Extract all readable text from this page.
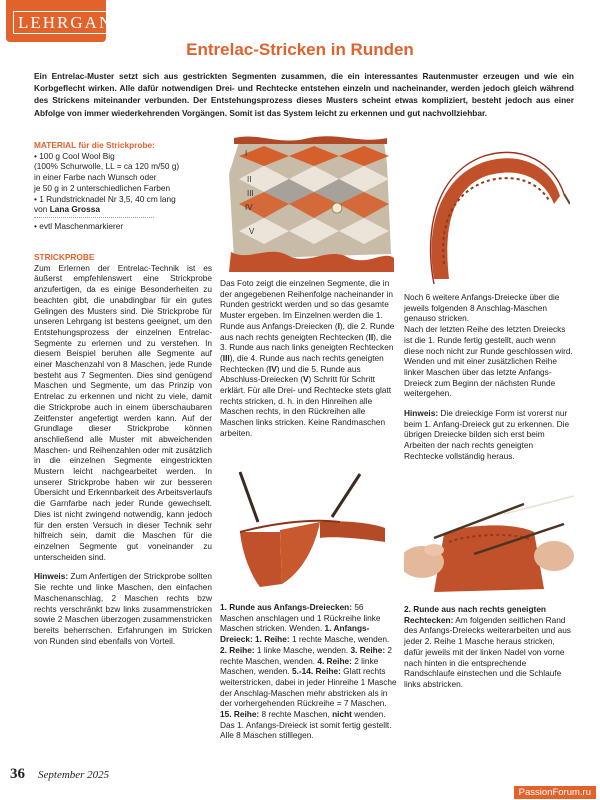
LEHRGANG
Entrelac-Stricken in Runden

Ein Entrelac-Muster setzt sich aus gestrickten Segmenten zusammen, die ein interessantes Rautenmuster erzeugen und wie ein Korbgeflecht wirken. Alle dafür notwendigen Drei- und Rechtecke entstehen einzeln und nacheinander, werden jedoch gleich während des Strickens miteinander verbunden. Der Entstehungsprozess dieses Musters scheint etwas kompliziert, besteht jedoch aus einer Abfolge von immer wiederkehrenden Vorgängen. Somit ist das System leicht zu erkennen und gut nachvollziehbar.

MATERIAL für die Strickprobe:

• 100 g Cool Wool Big

(100% Schurwolle, LL = ca 120 m/50 g)

in einer Farbe nach Wunsch oder

je 50 g in 2 unterschiedlichen Farben

• 1 Rundstricknadel Nr 3,5, 40 cm lang

von Lana Grossa

• evtl Maschenmarkierer

STRICKPROBE

Zum Erlernen der Entrelac-Technik ist es äußerst empfehlenswert eine Strickprobe anzufertigen, da es einige Besonderheiten zu beachten gibt, die unabdingbar für ein gutes Gelingen des Musters sind. Die Strickprobe für unseren Lehrgang ist bestens geeignet, um den Entstehungsprozess der einzelnen Entrelac-Segmente zu erlernen und zu verstehen. In diesem Beispiel beruhen alle Segmente auf einer Maschenzahl von 8 Maschen, jede Runde besteht aus 7 Segmenten. Dies sind genügend Maschen und Segmente, um das Prinzip von Entrelac zu erkennen und nicht zu viele, damit die Strickprobe auch in einem überschaubaren Zeitfenster angefertigt werden kann. Auf der Grundlage dieser Strickprobe können anschließend alle Muster mit abweichenden Maschen- und Reihenzahlen oder mit zusätzlich in die einzelnen Segmente eingestrickten Mustern leicht nachgearbeitet werden. In unserer Strickprobe haben wir zur besseren Übersicht und Erkennbarkeit des Arbeitsverlaufs die Garnfarbe nach jeder Runde gewechselt. Dies ist nicht zwingend notwendig, kann jedoch für den ersten Versuch in dieser Technik sehr hilfreich sein, damit die Maschen für die einzelnen Segmente gut voneinander zu unterscheiden sind.

Hinweis: Zum Anfertigen der Strickprobe sollten Sie rechte und linke Maschen, den einfachen Maschenanschlag, 2 Maschen rechts bzw rechts verschränkt bzw links zusammenstricken sowie 2 Maschen überzogen zusammenstricken bereits beherrschen. Erfahrungen im Stricken von Runden sind ebenfalls von Vorteil.

I
II
III
IV
V

Das Foto zeigt die einzelnen Segmente, die in der angegebenen Reihenfolge nacheinander in Runden gestrickt werden und so das gesamte Muster ergeben. Im Einzelnen werden die 1. Runde aus Anfangs-Dreiecken (I), die 2. Runde aus nach rechts geneigten Rechtecken (II), die 3. Runde aus nach links geneigten Rechtecken (III), die 4. Runde aus nach rechts geneigten Rechtecken (IV) und die 5. Runde aus Abschluss-Dreiecken (V) Schritt für Schritt erklärt. Für alle Drei- und Rechtecke stets glatt rechts stricken, d. h. in den Hinreihen alle Maschen rechts, in den Rückreihen alle Maschen links stricken. Keine Randmaschen arbeiten.

1. Runde aus Anfangs-Dreiecken: 56 Maschen anschlagen und 1 Rückreihe linke Maschen stricken. Wenden. 1. Anfangs-Dreieck: 1. Reihe: 1 rechte Masche, wenden. 2. Reihe: 1 linke Masche, wenden. 3. Reihe: 2 rechte Maschen, wenden. 4. Reihe: 2 linke Maschen, wenden. 5.-14. Reihe: Glatt rechts weiterstricken, dabei in jeder Hinreihe 1 Masche der Anschlag-Maschen mehr abstricken als in der vorhergehenden Rückreihe = 7 Maschen. 15. Reihe: 8 rechte Maschen, nicht wenden. Das 1. Anfangs-Dreieck ist somit fertig gestellt. Alle 8 Maschen stilllegen.

Noch 6 weitere Anfangs-Dreiecke über die jeweils folgenden 8 Anschlag-Maschen genauso stricken.

Nach der letzten Reihe des letzten Dreiecks ist die 1. Runde fertig gestellt, auch wenn diese noch nicht zur Runde geschlossen wird. Wenden und mit einer zusätzlichen Reihe linker Maschen über das letzte Anfangs-Dreieck zum Beginn der nächsten Runde weitergehen.

Hinweis: Die dreieckige Form ist vorerst nur beim 1. Anfang-Dreieck gut zu erkennen. Die übrigen Dreiecke bilden sich erst beim Arbeiten der nach rechts geneigten Rechtecke vollständig heraus.

2. Runde aus nach rechts geneigten Rechtecken: Am folgenden seitlichen Rand des Anfangs-Dreiecks weiterarbeiten und aus jeder 2. Reihe 1 Masche heraus stricken, dafür jeweils mit der linken Nadel von vorne nach hinten in die entsprechende Randschlaufe einstechen und die Schlaufe links abstricken.

36 September 2025
PassionForum.ru
